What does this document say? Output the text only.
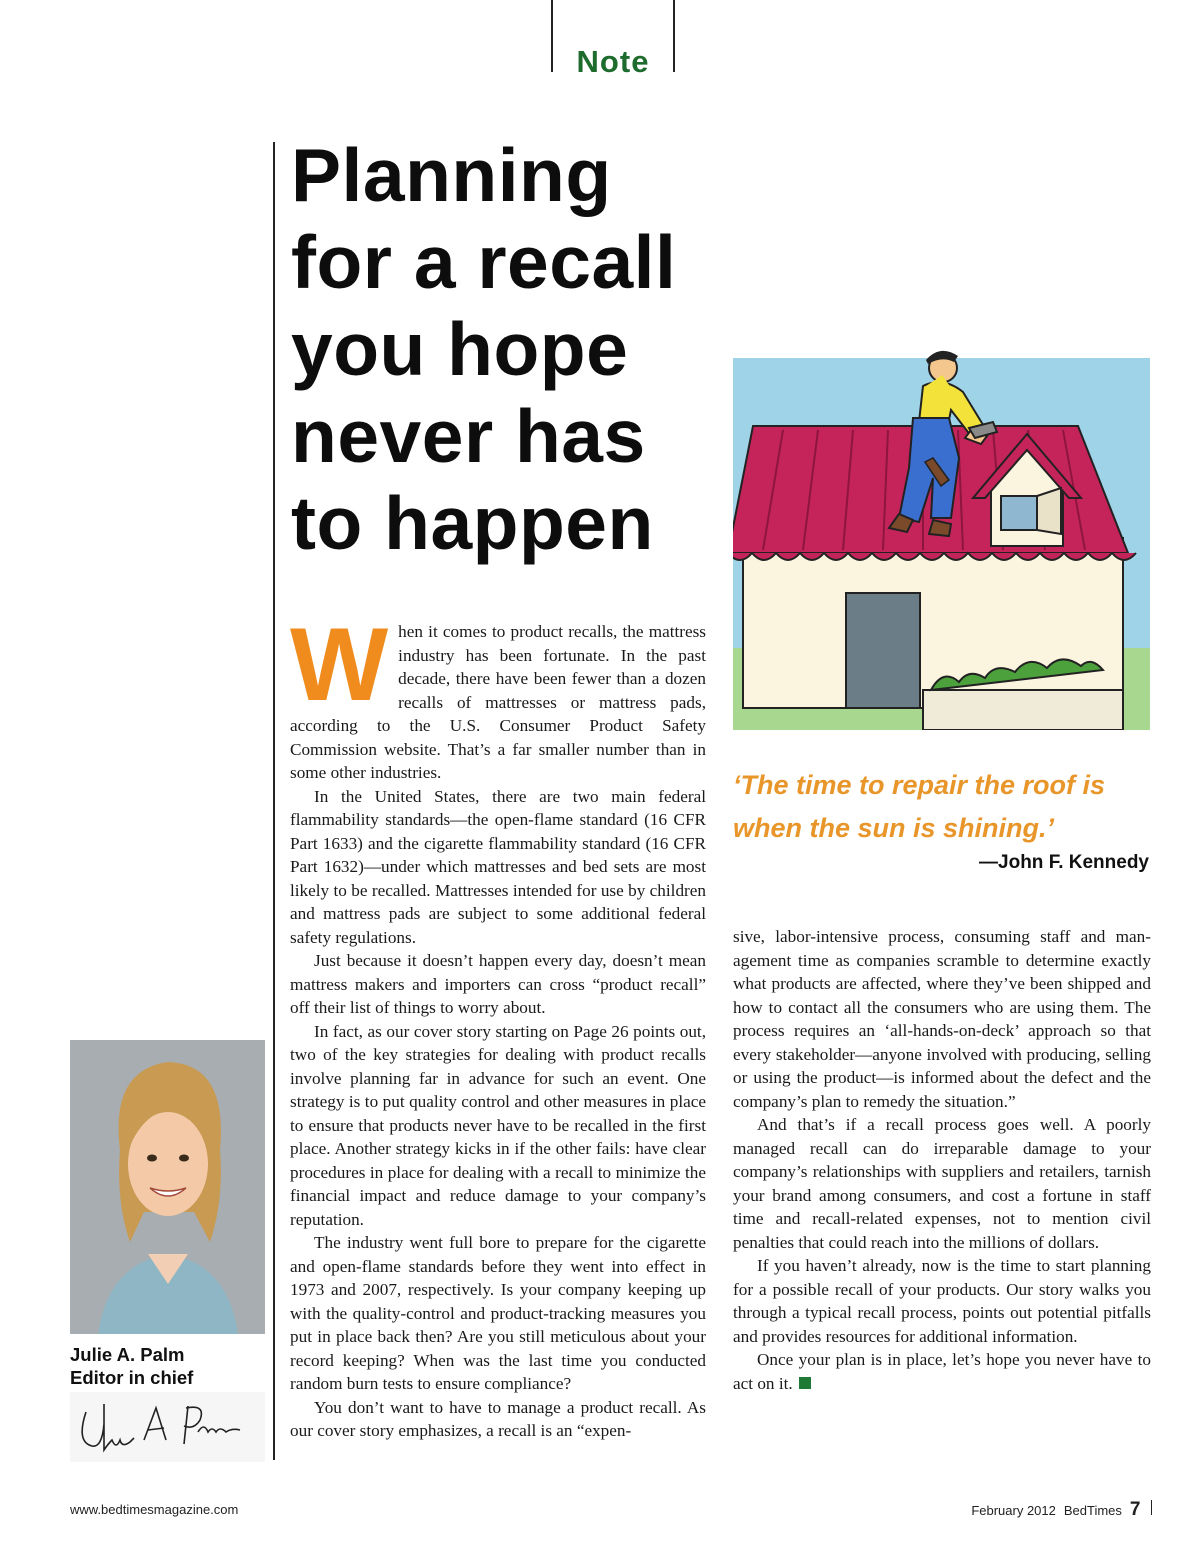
Note
Planning
for a recall
you hope
never has
to happen
‘The time to repair the roof is when the sun is shining.’
—John F. Kennedy

When it comes to product recalls, the mattress industry has been fortunate. In the past decade, there have been fewer than a dozen recalls of mattresses or mattress pads, according to the U.S. Consumer Product Safety Commission website. That’s a far smaller number than in some other industries.

In the United States, there are two main federal flammability standards—the open-flame standard (16 CFR Part 1633) and the cigarette flammability standard (16 CFR Part 1632)—under which mattresses and bed sets are most likely to be recalled. Mattresses intended for use by children and mattress pads are subject to some additional federal safety regulations.

Just because it doesn’t happen every day, doesn’t mean mattress makers and importers can cross “product recall” off their list of things to worry about.

In fact, as our cover story starting on Page 26 points out, two of the key strategies for dealing with product recalls involve planning far in advance for such an event. One strategy is to put quality control and other measures in place to ensure that products never have to be recalled in the first place. Another strategy kicks in if the other fails: have clear procedures in place for dealing with a recall to minimize the financial impact and reduce damage to your company’s reputation.

The industry went full bore to prepare for the cigarette and open-flame standards before they went into effect in 1973 and 2007, respectively. Is your company keeping up with the quality-control and product-tracking measures you put in place back then? Are you still meticulous about your record keeping? When was the last time you conducted random burn tests to ensure compliance?

You don’t want to have to manage a product recall. As our cover story emphasizes, a recall is an “expen-

sive, labor-intensive process, consuming staff and management time as companies scramble to determine exactly what products are affected, where they’ve been shipped and how to contact all the consumers who are using them. The process requires an ‘all-hands-on-deck’ approach so that every stakeholder—anyone involved with producing, selling or using the product—is informed about the defect and the company’s plan to remedy the situation.”

And that’s if a recall process goes well. A poorly managed recall can do irreparable damage to your company’s relationships with suppliers and retailers, tarnish your brand among consumers, and cost a fortune in staff time and recall-related expenses, not to mention civil penalties that could reach into the millions of dollars.

If you haven’t already, now is the time to start planning for a possible recall of your products. Our story walks you through a typical recall process, points out potential pitfalls and provides resources for additional information.

Once your plan is in place, let’s hope you never have to act on it.

Julie A. Palm
Editor in chief
www.bedtimesmagazine.com	February 2012 BedTimes 7
